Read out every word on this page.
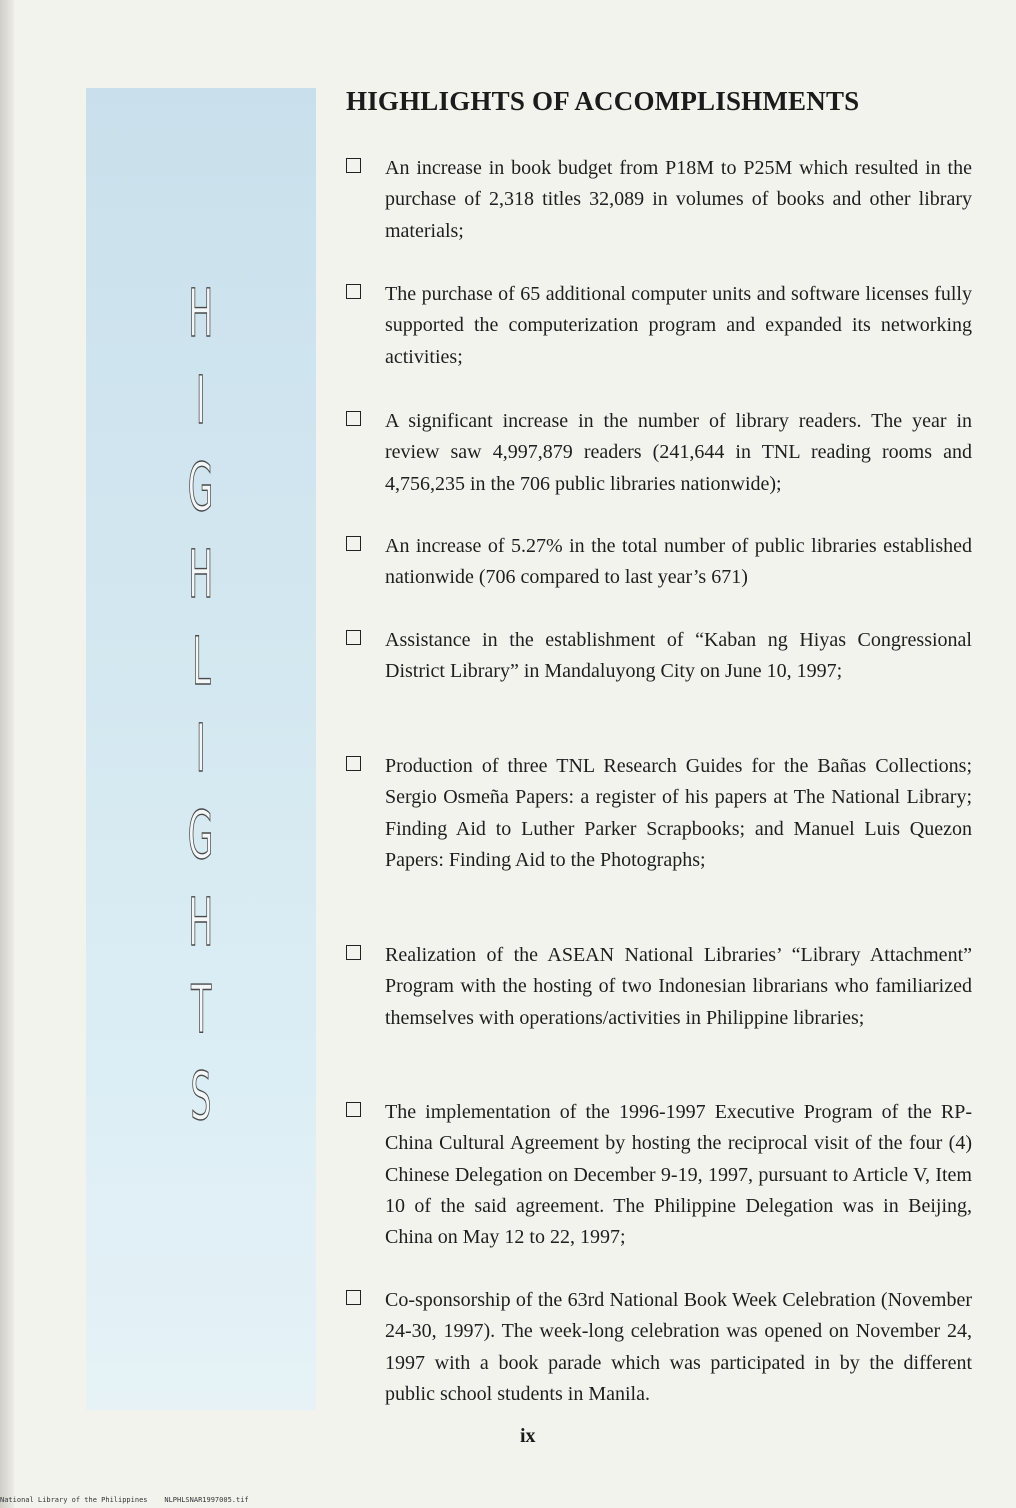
H
I
G
H
L
I
G
H
T
S
HIGHLIGHTS OF ACCOMPLISHMENTS
An increase in book budget from P18M to P25M which resulted in the purchase of 2,318 titles 32,089 in volumes of books and other library materials;
The purchase of 65 additional computer units and software licenses fully supported the computerization program and expanded its networking activities;
A significant increase in the number of library readers. The year in review saw 4,997,879 readers (241,644 in TNL reading rooms and 4,756,235 in the 706 public libraries nationwide);
An increase of 5.27% in the total number of public libraries established nationwide (706 compared to last year’s 671)
Assistance in the establishment of “Kaban ng Hiyas Congressional District Library” in Mandaluyong City on June 10, 1997;
Production of three TNL Research Guides for the Bañas Collections; Sergio Osmeña Papers: a register of his papers at The National Library; Finding Aid to Luther Parker Scrapbooks; and Manuel Luis Quezon Papers: Finding Aid to the Photographs;
Realization of the ASEAN National Libraries’ “Library Attachment” Program with the hosting of two Indonesian librarians who familiarized themselves with operations/activities in Philippine libraries;
The implementation of the 1996-1997 Executive Program of the RP-China Cultural Agreement by hosting the reciprocal visit of the four (4) Chinese Delegation on December 9-19, 1997, pursuant to Article V, Item 10 of the said agreement. The Philippine Delegation was in Beijing, China on May 12 to 22, 1997;
Co-sponsorship of the 63rd National Book Week Celebration (November 24-30, 1997). The week-long celebration was opened on November 24, 1997 with a book parade which was participated in by the different public school students in Manila.
ix
National Library of the Philippines    NLPHLSNAR1997005.tif
